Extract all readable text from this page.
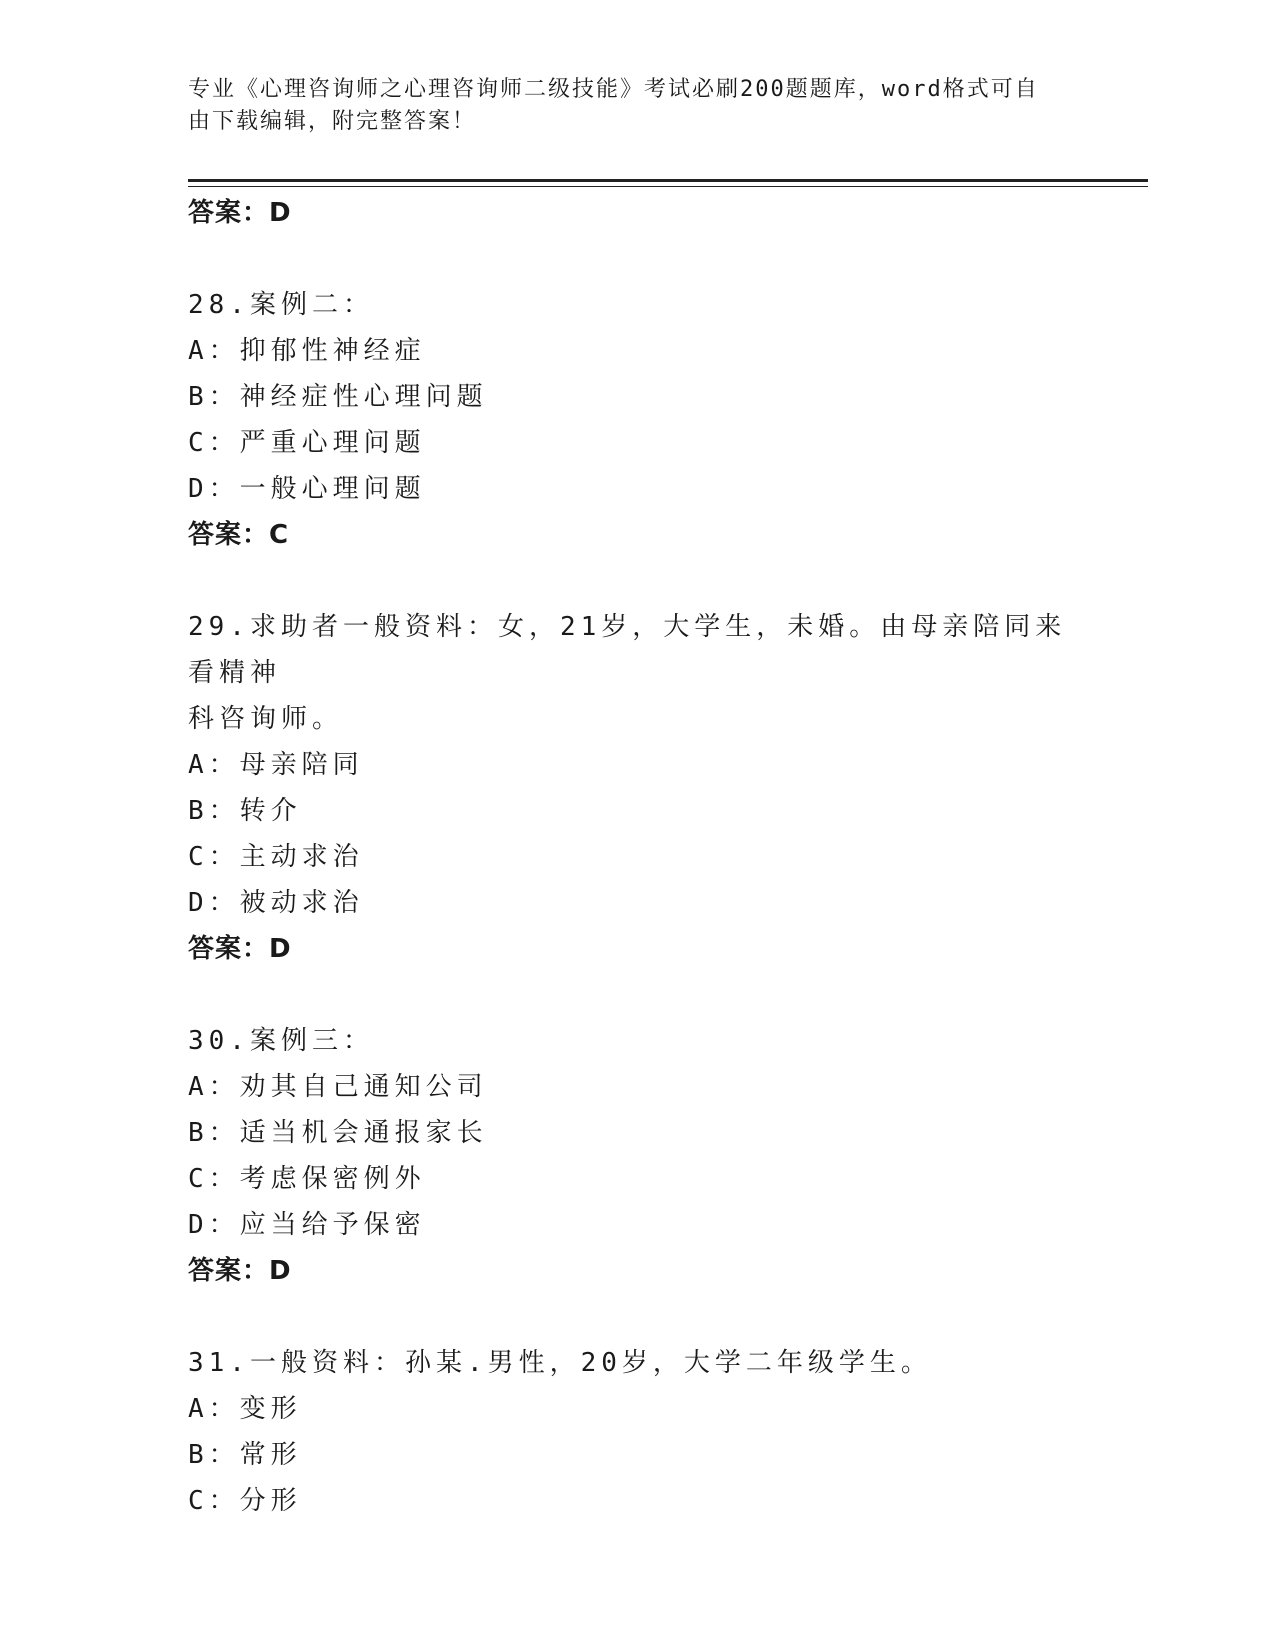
专业《心理咨询师之心理咨询师二级技能》考试必刷200题题库，word格式可自
由下载编辑，附完整答案！
答案：D
28.案例二：
A：抑郁性神经症
B：神经症性心理问题
C：严重心理问题
D：一般心理问题
答案：C
29.求助者一般资料：女，21岁，大学生，未婚。由母亲陪同来看精神
科咨询师。
A：母亲陪同
B：转介
C：主动求治
D：被动求治
答案：D
30.案例三：
A：劝其自己通知公司
B：适当机会通报家长
C：考虑保密例外
D：应当给予保密
答案：D
31.一般资料：孙某.男性，20岁，大学二年级学生。
A：变形
B：常形
C：分形
